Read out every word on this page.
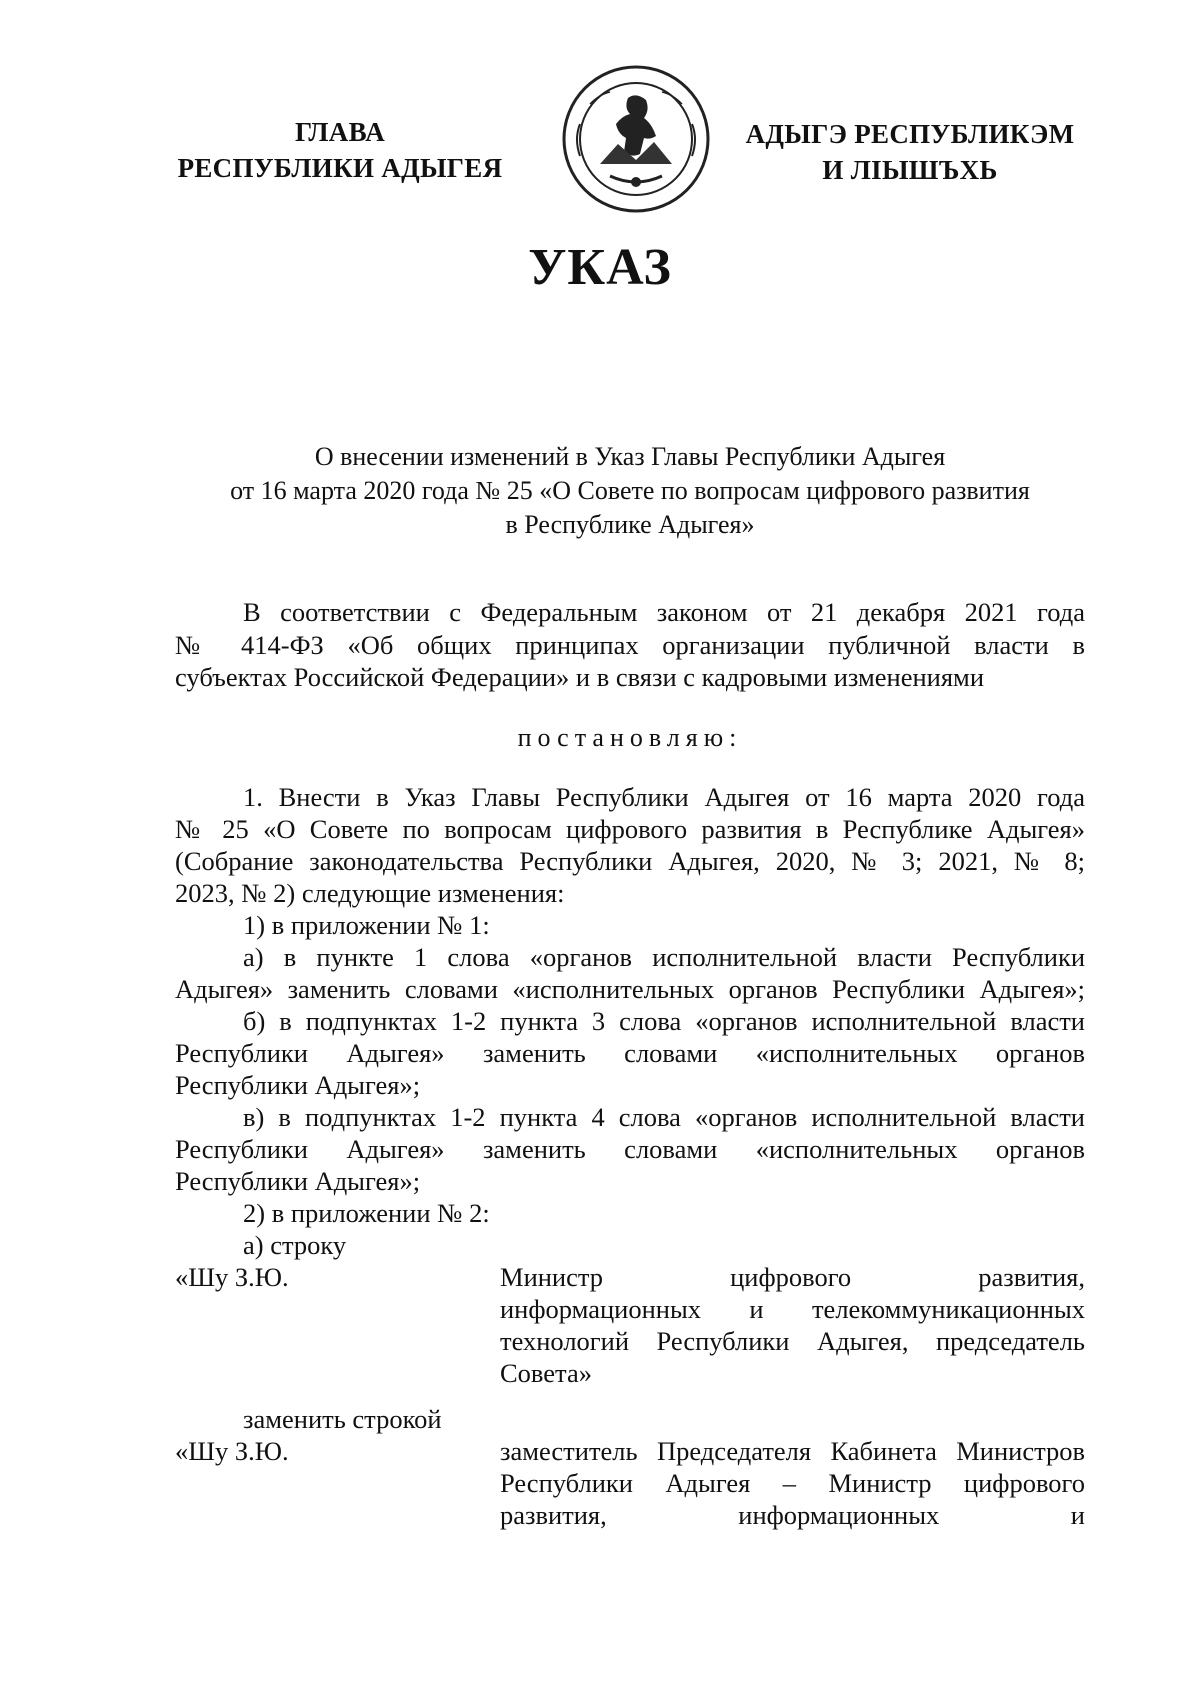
ГЛАВА
РЕСПУБЛИКИ АДЫГЕЯ
АДЫГЭ РЕСПУБЛИКЭМ
И ЛІЫШЪХЬ
УКАЗ
О внесении изменений в Указ Главы Республики Адыгея
от 16 марта 2020 года № 25 «О Совете по вопросам цифрового развития
в Республике Адыгея»
В соответствии с Федеральным законом от 21 декабря 2021 года
№ 414-ФЗ «Об общих принципах организации публичной власти в
субъектах Российской Федерации» и в связи с кадровыми изменениями
постановляю:
1. Внести в Указ Главы Республики Адыгея от 16 марта 2020 года
№ 25 «О Совете по вопросам цифрового развития в Республике Адыгея»
(Собрание законодательства Республики Адыгея, 2020, № 3; 2021, № 8;
2023, № 2) следующие изменения:
1) в приложении № 1:
а) в пункте 1 слова «органов исполнительной власти Республики
Адыгея» заменить словами «исполнительных органов Республики Адыгея»;
б) в подпунктах 1-2 пункта 3 слова «органов исполнительной власти
Республики Адыгея» заменить словами «исполнительных органов
Республики Адыгея»;
в) в подпунктах 1-2 пункта 4 слова «органов исполнительной власти
Республики Адыгея» заменить словами «исполнительных органов
Республики Адыгея»;
2) в приложении № 2:
а) строку
«Шу З.Ю.	Министр цифрового развития,
информационных и телекоммуникационных
технологий Республики Адыгея, председатель
Совета»
заменить строкой
«Шу З.Ю.	заместитель Председателя Кабинета Министров
Республики Адыгея – Министр цифрового
развития, информационных и
